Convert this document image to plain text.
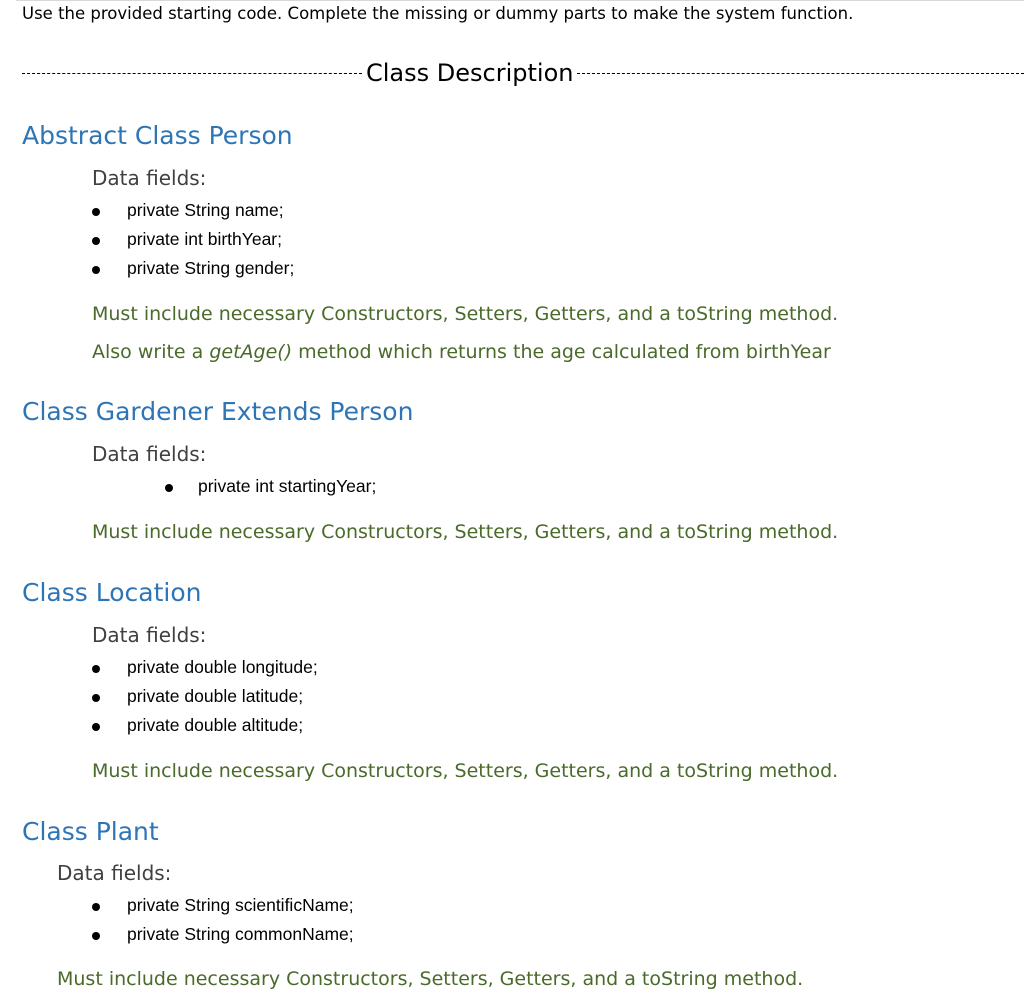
Use the provided starting code. Complete the missing or dummy parts to make the system function.
Class Description
Abstract Class Person
Data fields:
private String name;
private int birthYear;
private String gender;
Must include necessary Constructors, Setters, Getters, and a toString method.
Also write a getAge() method which returns the age calculated from birthYear
Class Gardener Extends Person
Data fields:
private int startingYear;
Must include necessary Constructors, Setters, Getters, and a toString method.
Class Location
Data fields:
private double longitude;
private double latitude;
private double altitude;
Must include necessary Constructors, Setters, Getters, and a toString method.
Class Plant
Data fields:
private String scientificName;
private String commonName;
Must include necessary Constructors, Setters, Getters, and a toString method.
